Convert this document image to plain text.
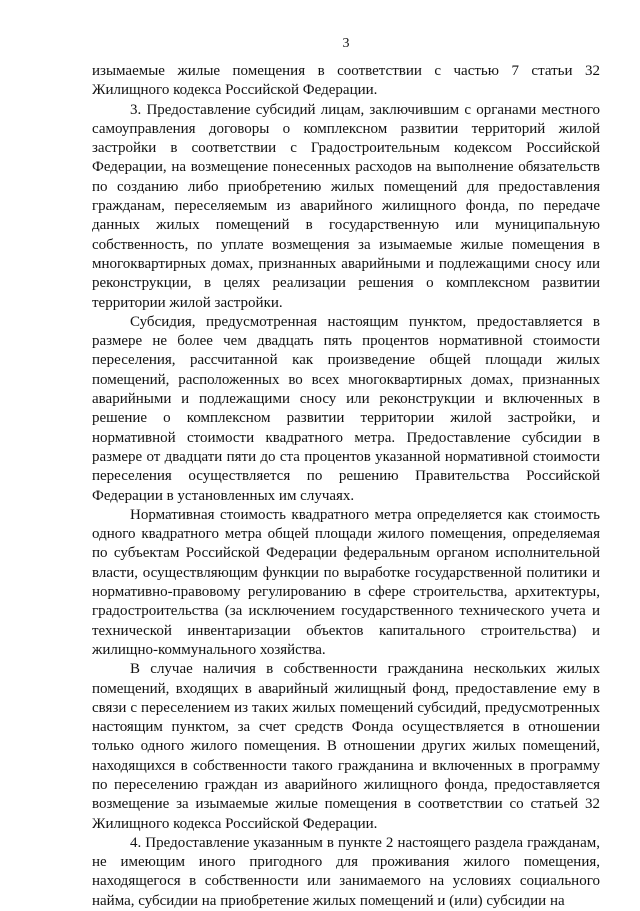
3

изымаемые жилые помещения в соответствии с частью 7 статьи 32 Жилищного кодекса Российской Федерации.

3. Предоставление субсидий лицам, заключившим с органами местного самоуправления договоры о комплексном развитии территорий жилой застройки в соответствии с Градостроительным кодексом Российской Федерации, на возмещение понесенных расходов на выполнение обязательств по созданию либо приобретению жилых помещений для предоставления гражданам, переселяемым из аварийного жилищного фонда, по передаче данных жилых помещений в государственную или муниципальную собственность, по уплате возмещения за изымаемые жилые помещения в многоквартирных домах, признанных аварийными и подлежащими сносу или реконструкции, в целях реализации решения о комплексном развитии территории жилой застройки.

Субсидия, предусмотренная настоящим пунктом, предоставляется в размере не более чем двадцать пять процентов нормативной стоимости переселения, рассчитанной как произведение общей площади жилых помещений, расположенных во всех многоквартирных домах, признанных аварийными и подлежащими сносу или реконструкции и включенных в решение о комплексном развитии территории жилой застройки, и нормативной стоимости квадратного метра. Предоставление субсидии в размере от двадцати пяти до ста процентов указанной нормативной стоимости переселения осуществляется по решению Правительства Российской Федерации в установленных им случаях.

Нормативная стоимость квадратного метра определяется как стоимость одного квадратного метра общей площади жилого помещения, определяемая по субъектам Российской Федерации федеральным органом исполнительной власти, осуществляющим функции по выработке государственной политики и нормативно-правовому регулированию в сфере строительства, архитектуры, градостроительства (за исключением государственного технического учета и технической инвентаризации объектов капитального строительства) и жилищно-коммунального хозяйства.

В случае наличия в собственности гражданина нескольких жилых помещений, входящих в аварийный жилищный фонд, предоставление ему в связи с переселением из таких жилых помещений субсидий, предусмотренных настоящим пунктом, за счет средств Фонда осуществляется в отношении только одного жилого помещения. В отношении других жилых помещений, находящихся в собственности такого гражданина и включенных в программу по переселению граждан из аварийного жилищного фонда, предоставляется возмещение за изымаемые жилые помещения в соответствии со статьей 32 Жилищного кодекса Российской Федерации.

4. Предоставление указанным в пункте 2 настоящего раздела гражданам, не имеющим иного пригодного для проживания жилого помещения, находящегося в собственности или занимаемого на условиях социального найма, субсидии на приобретение жилых помещений и (или) субсидии на
